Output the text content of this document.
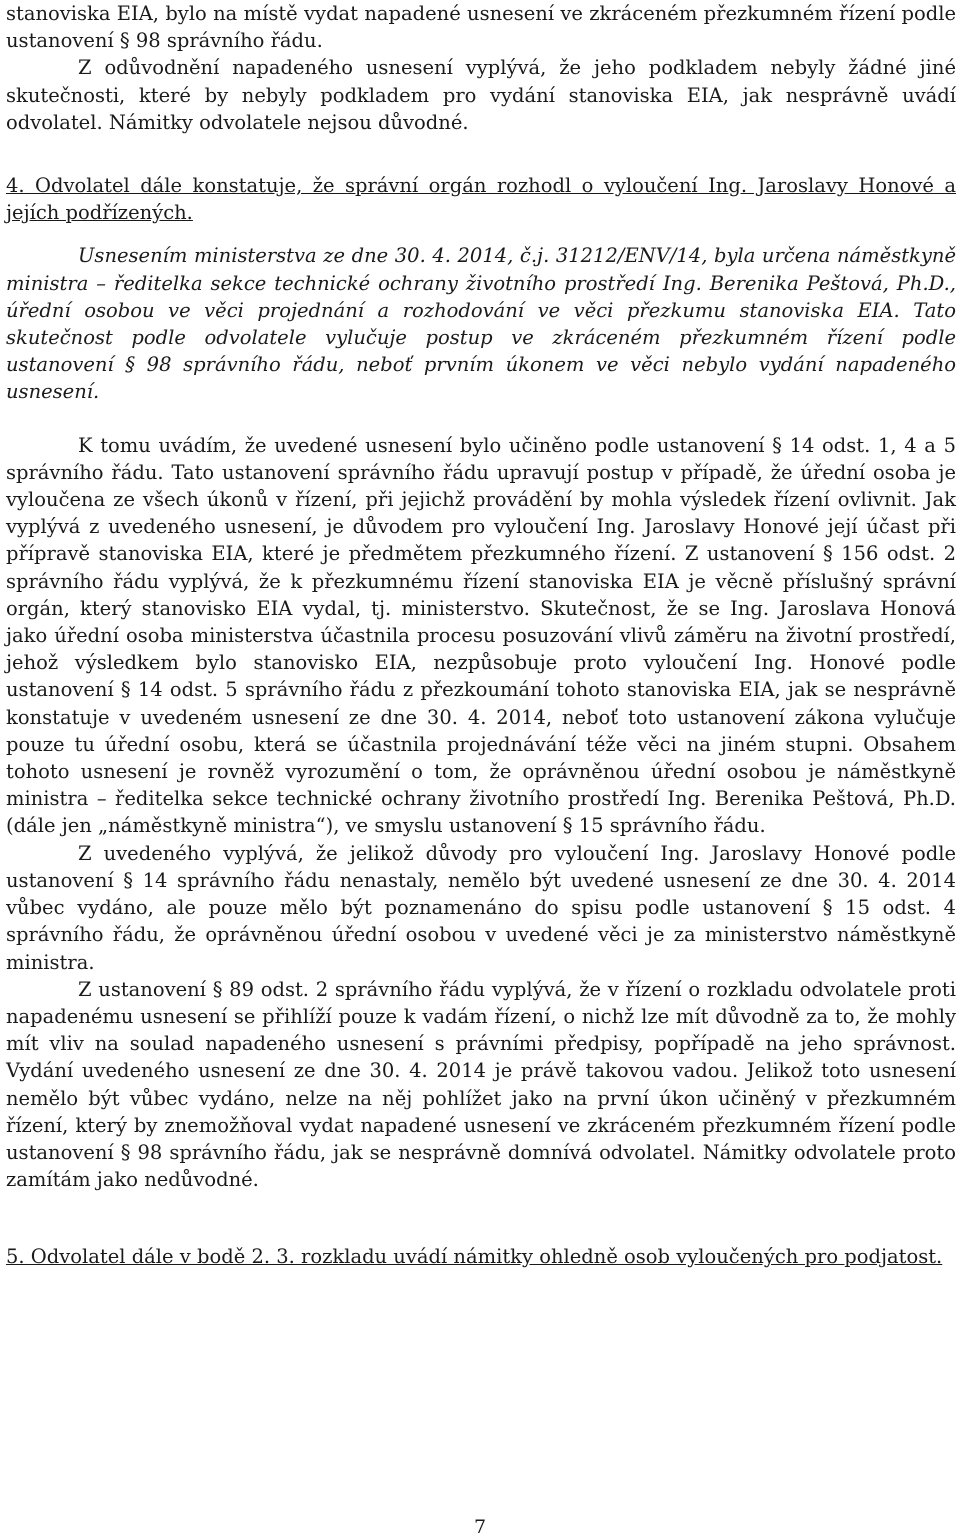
stanoviska EIA, bylo na místě vydat napadené usnesení ve zkráceném přezkumném řízení podle ustanovení § 98 správního řádu.

Z odůvodnění napadeného usnesení vyplývá, že jeho podkladem nebyly žádné jiné skutečnosti, které by nebyly podkladem pro vydání stanoviska EIA, jak nesprávně uvádí odvolatel. Námitky odvolatele nejsou důvodné.

4. Odvolatel dále konstatuje, že správní orgán rozhodl o vyloučení Ing. Jaroslavy Honové a jejích podřízených.

Usnesením ministerstva ze dne 30. 4. 2014, č.j. 31212/ENV/14, byla určena náměstkyně ministra – ředitelka sekce technické ochrany životního prostředí Ing. Berenika Peštová, Ph.D., úřední osobou ve věci projednání a rozhodování ve věci přezkumu stanoviska EIA. Tato skutečnost podle odvolatele vylučuje postup ve zkráceném přezkumném řízení podle ustanovení § 98 správního řádu, neboť prvním úkonem ve věci nebylo vydání napadeného usnesení.

K tomu uvádím, že uvedené usnesení bylo učiněno podle ustanovení § 14 odst. 1, 4 a 5 správního řádu. Tato ustanovení správního řádu upravují postup v případě, že úřední osoba je vyloučena ze všech úkonů v řízení, při jejichž provádění by mohla výsledek řízení ovlivnit. Jak vyplývá z uvedeného usnesení, je důvodem pro vyloučení Ing. Jaroslavy Honové její účast při přípravě stanoviska EIA, které je předmětem přezkumného řízení. Z ustanovení § 156 odst. 2 správního řádu vyplývá, že k přezkumnému řízení stanoviska EIA je věcně příslušný správní orgán, který stanovisko EIA vydal, tj. ministerstvo. Skutečnost, že se Ing. Jaroslava Honová jako úřední osoba ministerstva účastnila procesu posuzování vlivů záměru na životní prostředí, jehož výsledkem bylo stanovisko EIA, nezpůsobuje proto vyloučení Ing. Honové podle ustanovení § 14 odst. 5 správního řádu z přezkoumání tohoto stanoviska EIA, jak se nesprávně konstatuje v uvedeném usnesení ze dne 30. 4. 2014, neboť toto ustanovení zákona vylučuje pouze tu úřední osobu, která se účastnila projednávání téže věci na jiném stupni. Obsahem tohoto usnesení je rovněž vyrozumění o tom, že oprávněnou úřední osobou je náměstkyně ministra – ředitelka sekce technické ochrany životního prostředí Ing. Berenika Peštová, Ph.D. (dále jen „náměstkyně ministra“), ve smyslu ustanovení § 15 správního řádu.

Z uvedeného vyplývá, že jelikož důvody pro vyloučení Ing. Jaroslavy Honové podle ustanovení § 14 správního řádu nenastaly, nemělo být uvedené usnesení ze dne 30. 4. 2014 vůbec vydáno, ale pouze mělo být poznamenáno do spisu podle ustanovení § 15 odst. 4 správního řádu, že oprávněnou úřední osobou v uvedené věci je za ministerstvo náměstkyně ministra.

Z ustanovení § 89 odst. 2 správního řádu vyplývá, že v řízení o rozkladu odvolatele proti napadenému usnesení se přihlíží pouze k vadám řízení, o nichž lze mít důvodně za to, že mohly mít vliv na soulad napadeného usnesení s právními předpisy, popřípadě na jeho správnost. Vydání uvedeného usnesení ze dne 30. 4. 2014 je právě takovou vadou. Jelikož toto usnesení nemělo být vůbec vydáno, nelze na něj pohlížet jako na první úkon učiněný v přezkumném řízení, který by znemožňoval vydat napadené usnesení ve zkráceném přezkumném řízení podle ustanovení § 98 správního řádu, jak se nesprávně domnívá odvolatel. Námitky odvolatele proto zamítám jako nedůvodné.

5. Odvolatel dále v bodě 2. 3. rozkladu uvádí námitky ohledně osob vyloučených pro podjatost.

7
